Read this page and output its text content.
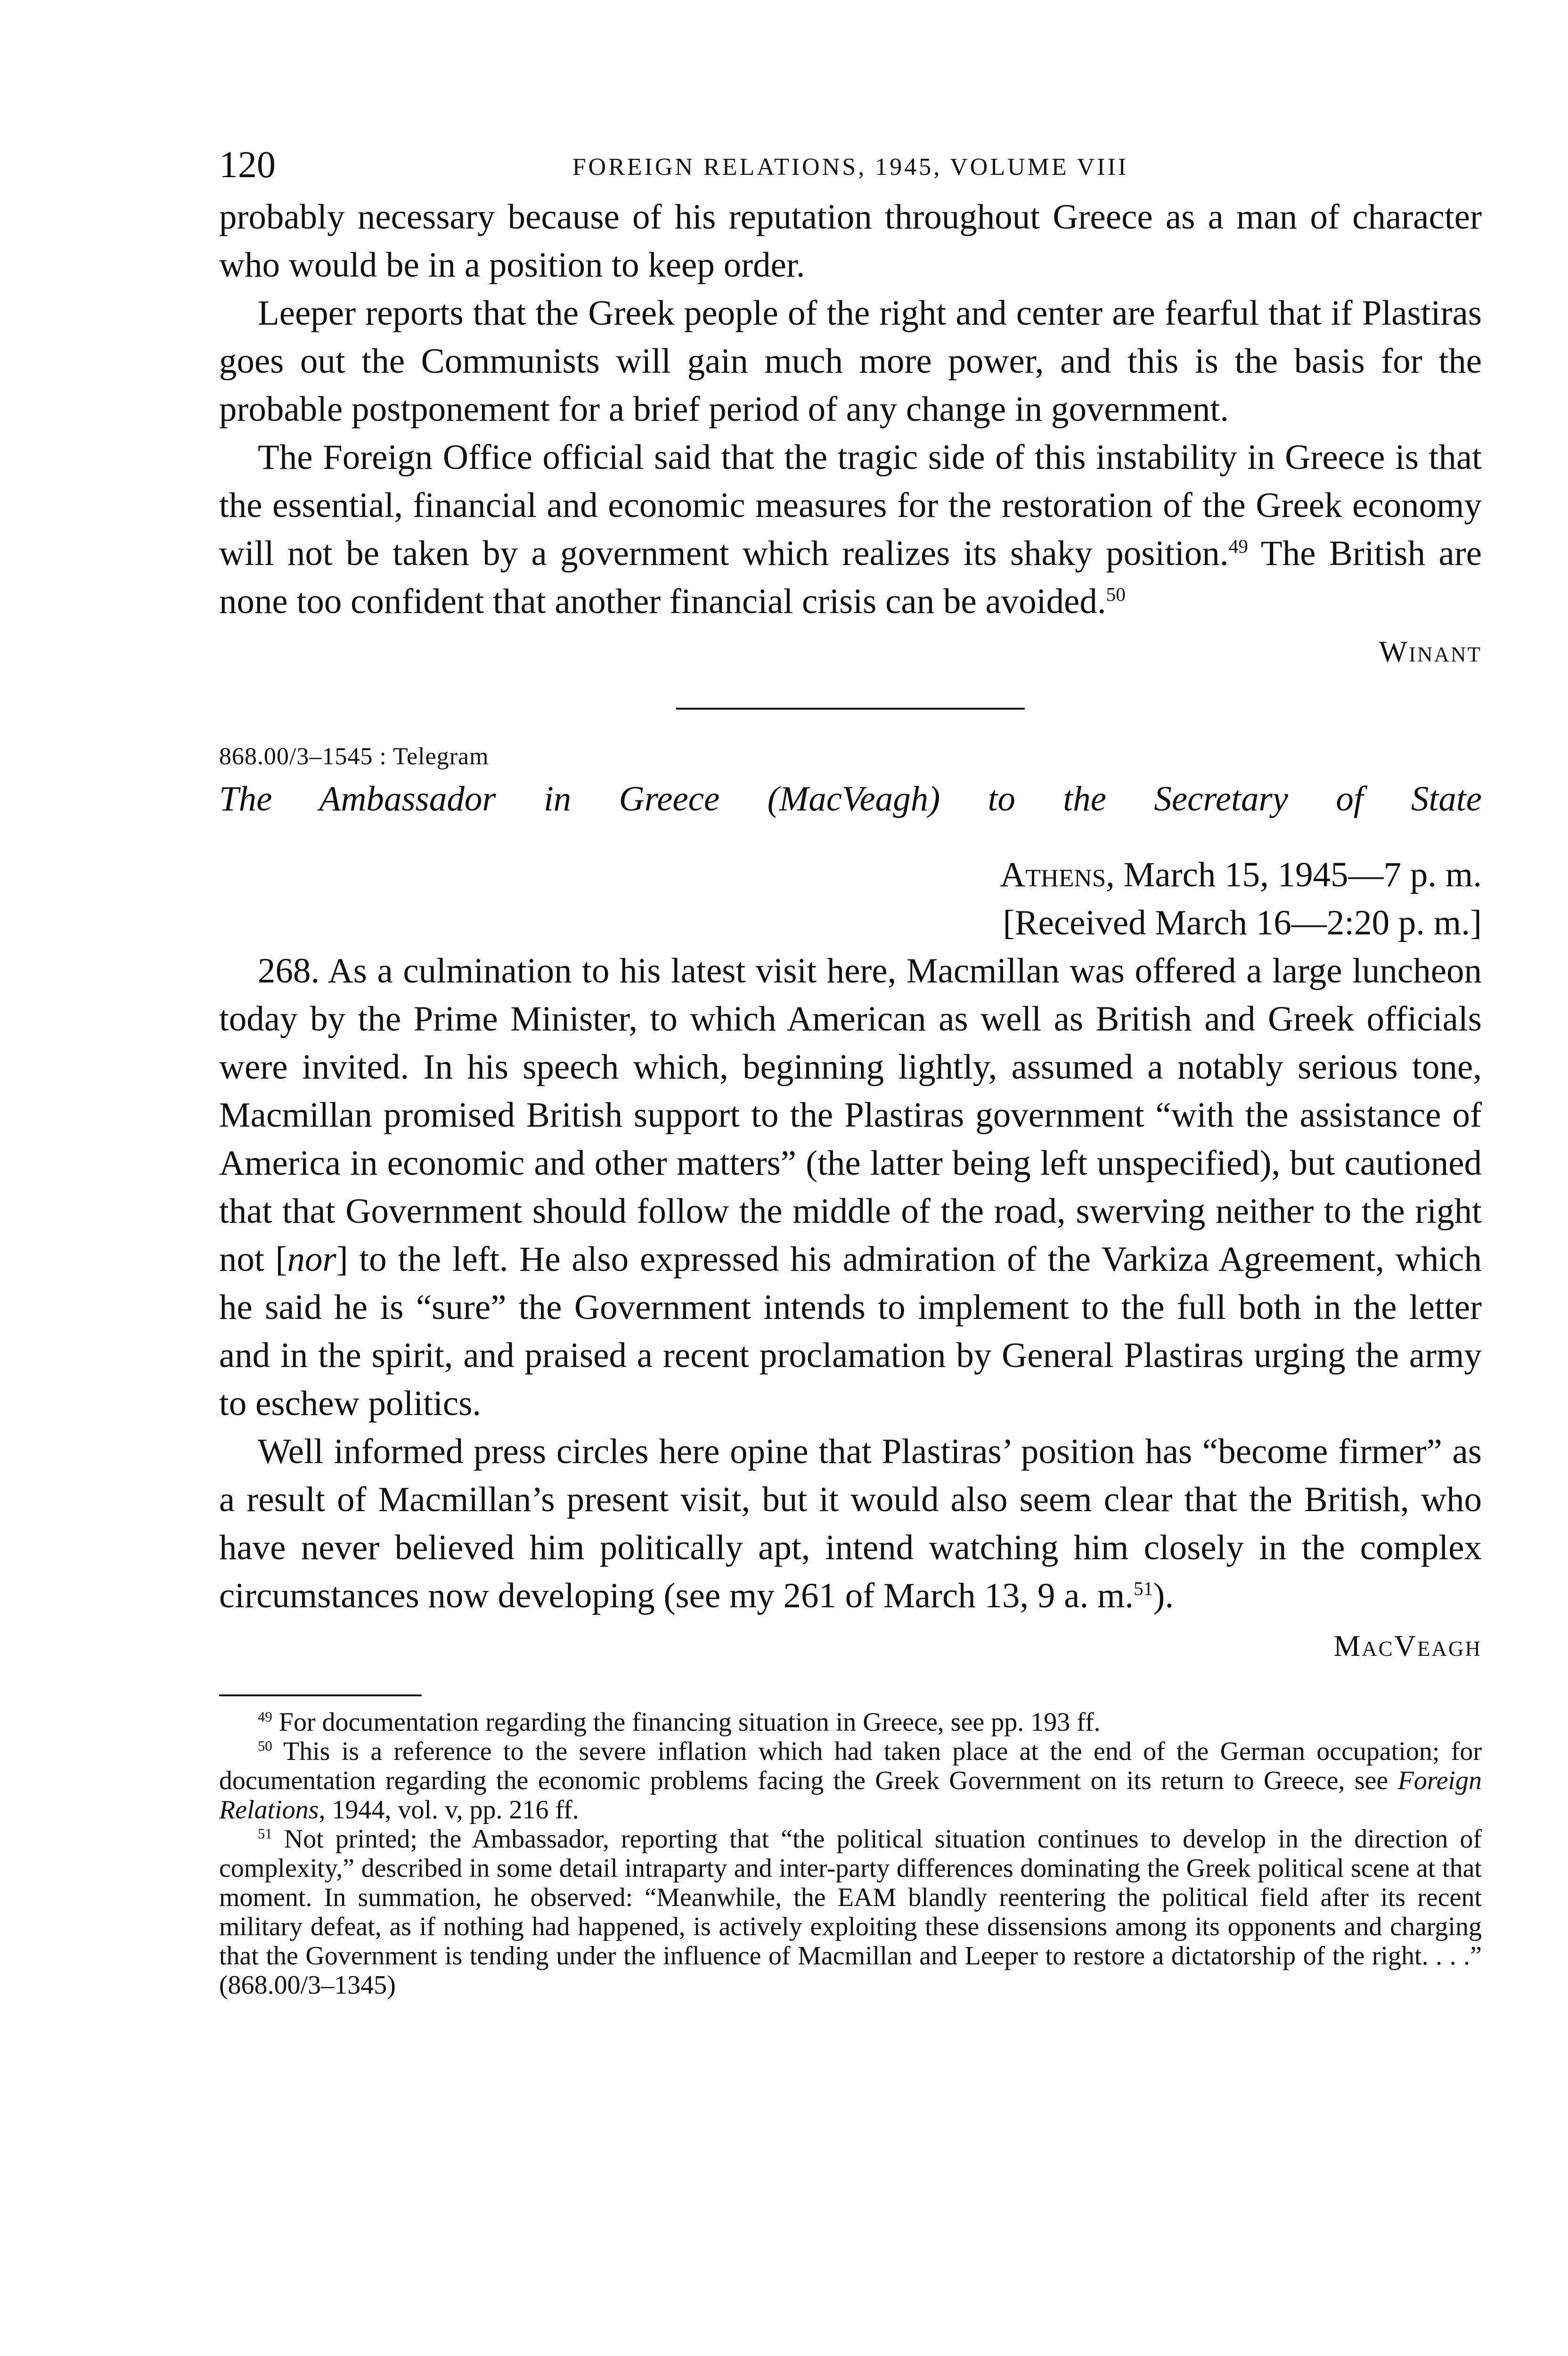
120	FOREIGN RELATIONS, 1945, VOLUME VIII

probably necessary because of his reputation throughout Greece as a man of character who would be in a position to keep order.

Leeper reports that the Greek people of the right and center are fearful that if Plastiras goes out the Communists will gain much more power, and this is the basis for the probable postponement for a brief period of any change in government.

The Foreign Office official said that the tragic side of this instability in Greece is that the essential, financial and economic measures for the restoration of the Greek economy will not be taken by a government which realizes its shaky position.$^{49}$ The British are none too confident that another financial crisis can be avoided.$^{50}$

Winant
868.00/3–1545 : Telegram
The Ambassador in Greece (MacVeagh) to the Secretary of State
Athens, March 15, 1945—7 p. m.
[Received March 16—2:20 p. m.]

268. As a culmination to his latest visit here, Macmillan was offered a large luncheon today by the Prime Minister, to which American as well as British and Greek officials were invited. In his speech which, beginning lightly, assumed a notably serious tone, Macmillan promised British support to the Plastiras government “with the assistance of America in economic and other matters” (the latter being left unspecified), but cautioned that that Government should follow the middle of the road, swerving neither to the right not [nor] to the left. He also expressed his admiration of the Varkiza Agreement, which he said he is “sure” the Government intends to implement to the full both in the letter and in the spirit, and praised a recent proclamation by General Plastiras urging the army to eschew politics.

Well informed press circles here opine that Plastiras’ position has “become firmer” as a result of Macmillan’s present visit, but it would also seem clear that the British, who have never believed him politically apt, intend watching him closely in the complex circumstances now developing (see my 261 of March 13, 9 a. m.$^{51}$).

MacVeagh

$^{49}$ For documentation regarding the financing situation in Greece, see pp. 193 ff.

$^{50}$ This is a reference to the severe inflation which had taken place at the end of the German occupation; for documentation regarding the economic problems facing the Greek Government on its return to Greece, see Foreign Relations, 1944, vol. v, pp. 216 ff.

$^{51}$ Not printed; the Ambassador, reporting that “the political situation continues to develop in the direction of complexity,” described in some detail intraparty and inter-party differences dominating the Greek political scene at that moment. In summation, he observed: “Meanwhile, the EAM blandly reentering the political field after its recent military defeat, as if nothing had happened, is actively exploiting these dissensions among its opponents and charging that the Government is tending under the influence of Macmillan and Leeper to restore a dictatorship of the right. . . .” (868.00/3–1345)
